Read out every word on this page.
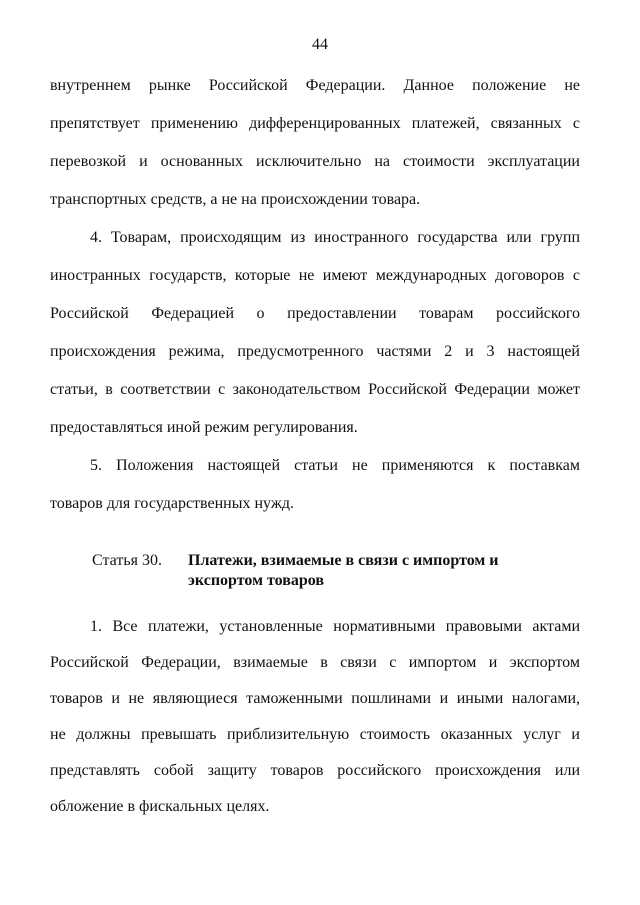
44
внутреннем рынке Российской Федерации. Данное положение не
препятствует применению дифференцированных платежей, связанных с
перевозкой и основанных исключительно на стоимости эксплуатации
транспортных средств, а не на происхождении товара.
4. Товарам, происходящим из иностранного государства или групп
иностранных государств, которые не имеют международных договоров с
Российской Федерацией о предоставлении товарам российского
происхождения режима, предусмотренного частями 2 и 3 настоящей
статьи, в соответствии с законодательством Российской Федерации может
предоставляться иной режим регулирования.
5. Положения настоящей статьи не применяются к поставкам
товаров для государственных нужд.
Статья 30. Платежи, взимаемые в связи с импортом и
экспортом товаров
1. Все платежи, установленные нормативными правовыми актами
Российской Федерации, взимаемые в связи с импортом и экспортом
товаров и не являющиеся таможенными пошлинами и иными налогами,
не должны превышать приблизительную стоимость оказанных услуг и
представлять собой защиту товаров российского происхождения или
обложение в фискальных целях.
